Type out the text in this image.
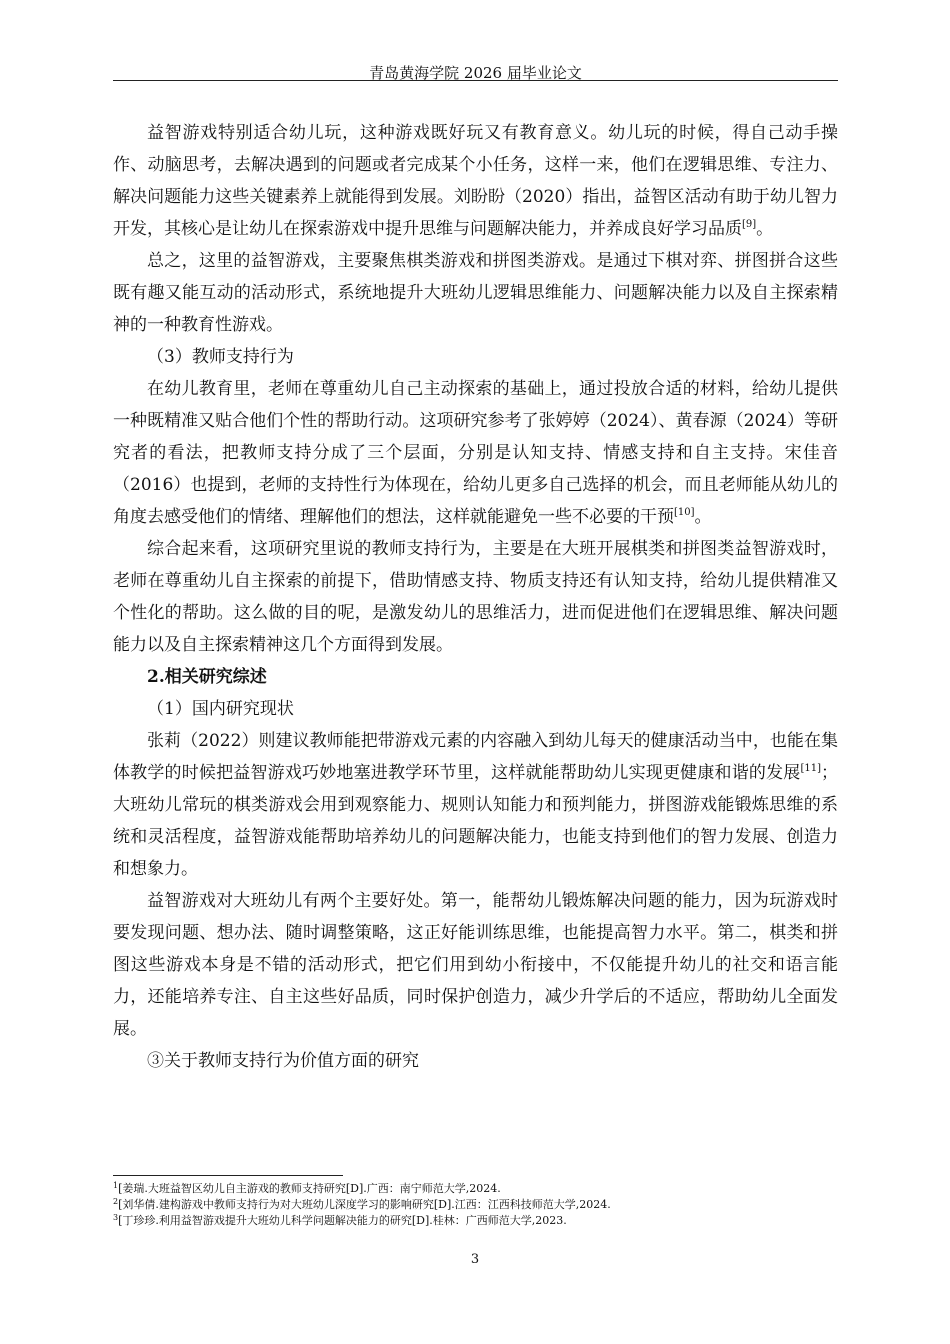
青岛黄海学院 2026 届毕业论文

益智游戏特别适合幼儿玩，这种游戏既好玩又有教育意义。幼儿玩的时候，得自己动手操作、动脑思考，去解决遇到的问题或者完成某个小任务，这样一来，他们在逻辑思维、专注力、解决问题能力这些关键素养上就能得到发展。刘盼盼（2020）指出，益智区活动有助于幼儿智力开发，其核心是让幼儿在探索游戏中提升思维与问题解决能力，并养成良好学习品质[9]。

总之，这里的益智游戏，主要聚焦棋类游戏和拼图类游戏。是通过下棋对弈、拼图拼合这些既有趣又能互动的活动形式，系统地提升大班幼儿逻辑思维能力、问题解决能力以及自主探索精神的一种教育性游戏。

（3）教师支持行为

在幼儿教育里，老师在尊重幼儿自己主动探索的基础上，通过投放合适的材料，给幼儿提供一种既精准又贴合他们个性的帮助行动。这项研究参考了张婷婷（2024）、黄春源（2024）等研究者的看法，把教师支持分成了三个层面，分别是认知支持、情感支持和自主支持。宋佳音（2016）也提到，老师的支持性行为体现在，给幼儿更多自己选择的机会，而且老师能从幼儿的角度去感受他们的情绪、理解他们的想法，这样就能避免一些不必要的干预[10]。

综合起来看，这项研究里说的教师支持行为，主要是在大班开展棋类和拼图类益智游戏时，老师在尊重幼儿自主探索的前提下，借助情感支持、物质支持还有认知支持，给幼儿提供精准又个性化的帮助。这么做的目的呢，是激发幼儿的思维活力，进而促进他们在逻辑思维、解决问题能力以及自主探索精神这几个方面得到发展。

2.相关研究综述

（1）国内研究现状

张莉（2022）则建议教师能把带游戏元素的内容融入到幼儿每天的健康活动当中，也能在集体教学的时候把益智游戏巧妙地塞进教学环节里，这样就能帮助幼儿实现更健康和谐的发展[11]；大班幼儿常玩的棋类游戏会用到观察能力、规则认知能力和预判能力，拼图游戏能锻炼思维的系统和灵活程度，益智游戏能帮助培养幼儿的问题解决能力，也能支持到他们的智力发展、创造力和想象力。

益智游戏对大班幼儿有两个主要好处。第一，能帮幼儿锻炼解决问题的能力，因为玩游戏时要发现问题、想办法、随时调整策略，这正好能训练思维，也能提高智力水平。第二，棋类和拼图这些游戏本身是不错的活动形式，把它们用到幼小衔接中，不仅能提升幼儿的社交和语言能力，还能培养专注、自主这些好品质，同时保护创造力，减少升学后的不适应，帮助幼儿全面发展。

③关于教师支持行为价值方面的研究

$^1$[姜瑞.大班益智区幼儿自主游戏的教师支持研究[D].广西：南宁师范大学,2024.

$^2$[刘华倩.建构游戏中教师支持行为对大班幼儿深度学习的影响研究[D].江西：江西科技师范大学,2024.

$^3$[丁珍珍.利用益智游戏提升大班幼儿科学问题解决能力的研究[D].桂林：广西师范大学,2023.

3
